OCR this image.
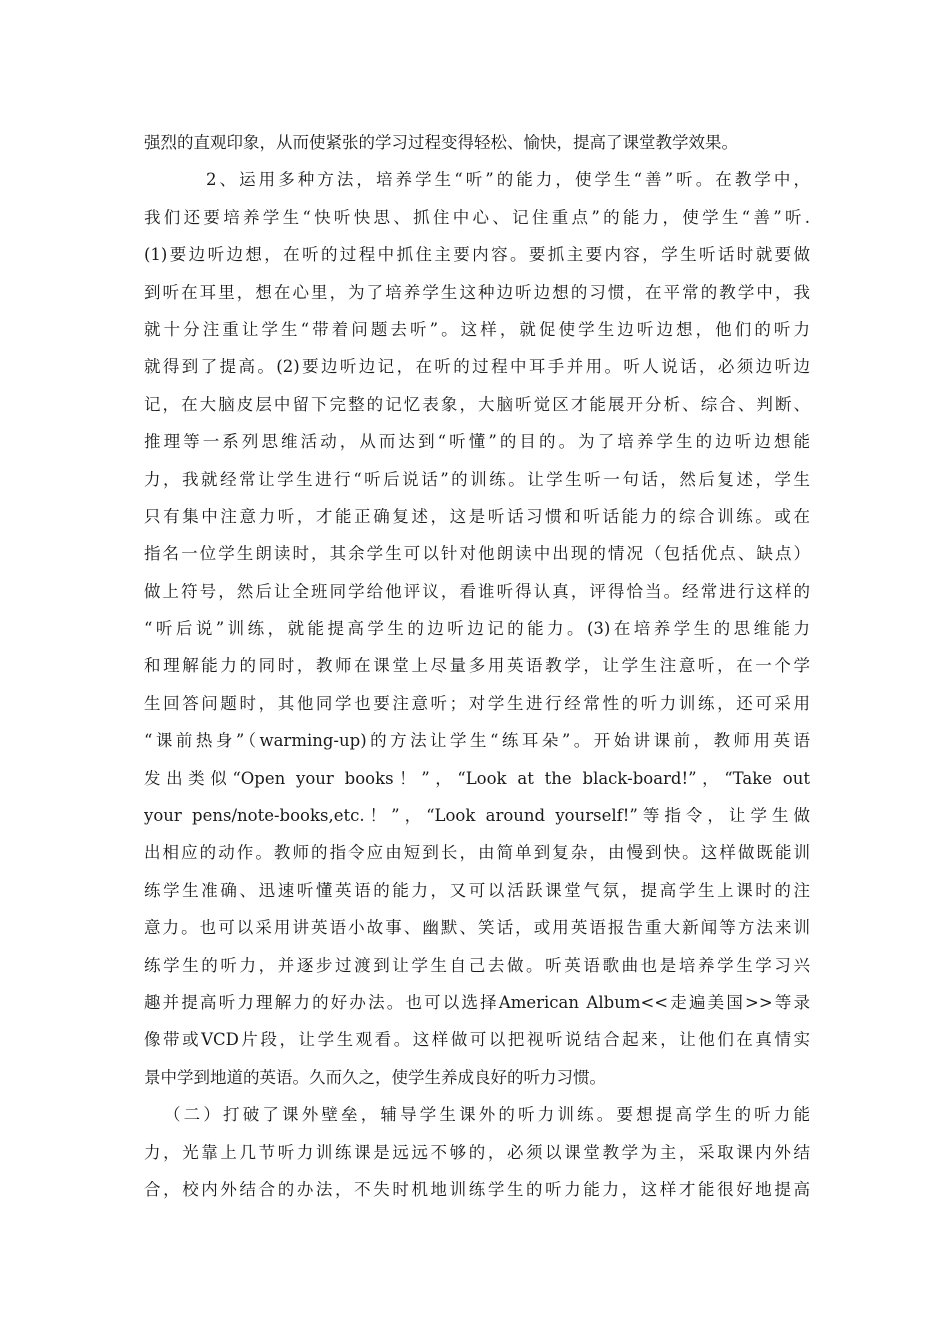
强烈的直观印象，从而使紧张的学习过程变得轻松、愉快，提高了课堂教学效果。
2、运用多种方法，培养学生“听”的能力，使学生“善”听。在教学中，
我们还要培养学生“快听快思、抓住中心、记住重点”的能力，使学生“善”听.
(1)要边听边想，在听的过程中抓住主要内容。要抓主要内容，学生听话时就要做
到听在耳里，想在心里，为了培养学生这种边听边想的习惯，在平常的教学中，我
就十分注重让学生“带着问题去听”。这样，就促使学生边听边想，他们的听力
就得到了提高。(2)要边听边记，在听的过程中耳手并用。听人说话，必须边听边
记，在大脑皮层中留下完整的记忆表象，大脑听觉区才能展开分析、综合、判断、
推理等一系列思维活动，从而达到“听懂”的目的。为了培养学生的边听边想能
力，我就经常让学生进行“听后说话”的训练。让学生听一句话，然后复述，学生
只有集中注意力听，才能正确复述，这是听话习惯和听话能力的综合训练。或在
指名一位学生朗读时，其余学生可以针对他朗读中出现的情况（包括优点、缺点）
做上符号，然后让全班同学给他评议，看谁听得认真，评得恰当。经常进行这样的
“听后说”训练，就能提高学生的边听边记的能力。(3)在培养学生的思维能力
和理解能力的同时，教师在课堂上尽量多用英语教学，让学生注意听，在一个学
生回答问题时，其他同学也要注意听；对学生进行经常性的听力训练，还可采用
“课前热身”（warming-up)的方法让学生“练耳朵”。开始讲课前，教师用英语
发出类似“Open your books！”，“Look at the black-board!”，“Take out
your pens/note-books,etc.！”，“Look around yourself!”等指令，让学生做
出相应的动作。教师的指令应由短到长，由简单到复杂，由慢到快。这样做既能训
练学生准确、迅速听懂英语的能力，又可以活跃课堂气氛，提高学生上课时的注
意力。也可以采用讲英语小故事、幽默、笑话，或用英语报告重大新闻等方法来训
练学生的听力，并逐步过渡到让学生自己去做。听英语歌曲也是培养学生学习兴
趣并提高听力理解力的好办法。也可以选择American Album<<走遍美国>>等录
像带或VCD片段，让学生观看。这样做可以把视听说结合起来，让他们在真情实
景中学到地道的英语。久而久之，使学生养成良好的听力习惯。
（二）打破了课外壁垒，辅导学生课外的听力训练。要想提高学生的听力能
力，光靠上几节听力训练课是远远不够的，必须以课堂教学为主，采取课内外结
合，校内外结合的办法，不失时机地训练学生的听力能力，这样才能很好地提高
